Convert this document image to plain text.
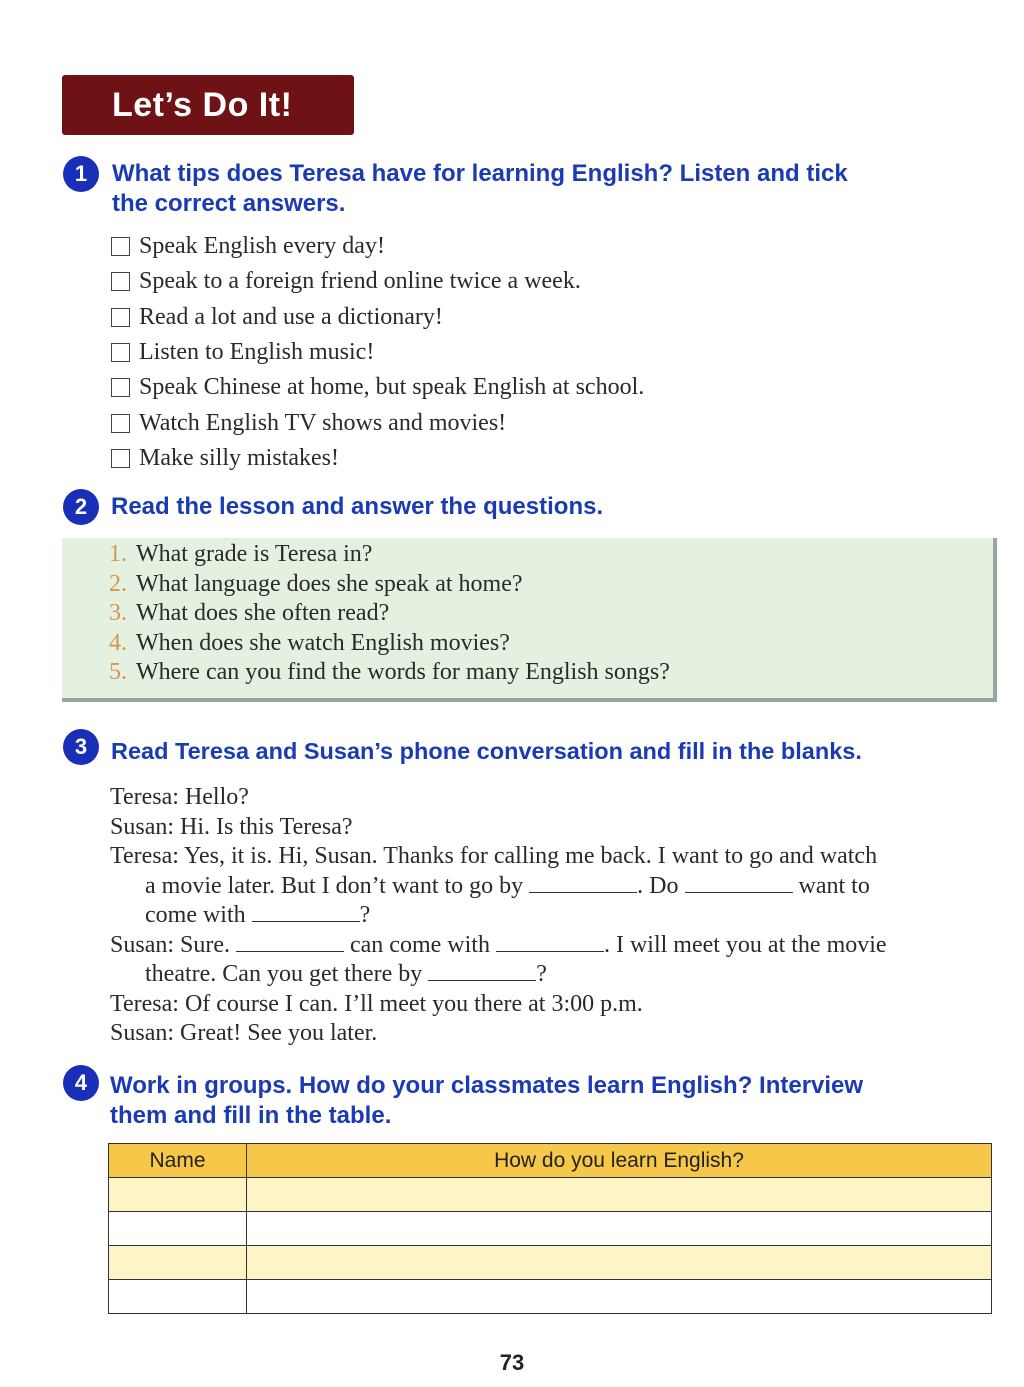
Let’s Do It!
1	What tips does Teresa have for learning English? Listen and tick
the correct answers.
Speak English every day!
Speak to a foreign friend online twice a week.
Read a lot and use a dictionary!
Listen to English music!
Speak Chinese at home, but speak English at school.
Watch English TV shows and movies!
Make silly mistakes!
2 Read the lesson and answer the questions.
1. What grade is Teresa in?
2. What language does she speak at home?
3. What does she often read?
4. When does she watch English movies?
5. Where can you find the words for many English songs?
3	Read Teresa and Susan’s phone conversation and fill in the blanks.
Teresa: Hello?
Susan: Hi. Is this Teresa?
Teresa: Yes, it is. Hi, Susan. Thanks for calling me back. I want to go and watch
a movie later. But I don’t want to go by	. Do	want to
come with	?
Susan: Sure.	can come with	. I will meet you at the movie
theatre. Can you get there by	?
Teresa: Of course I can. I’ll meet you there at 3:00 p.m.
Susan: Great! See you later.
4 Work in groups. How do your classmates learn English? Interview
them and fill in the table.
Name	How do you learn English?

73
